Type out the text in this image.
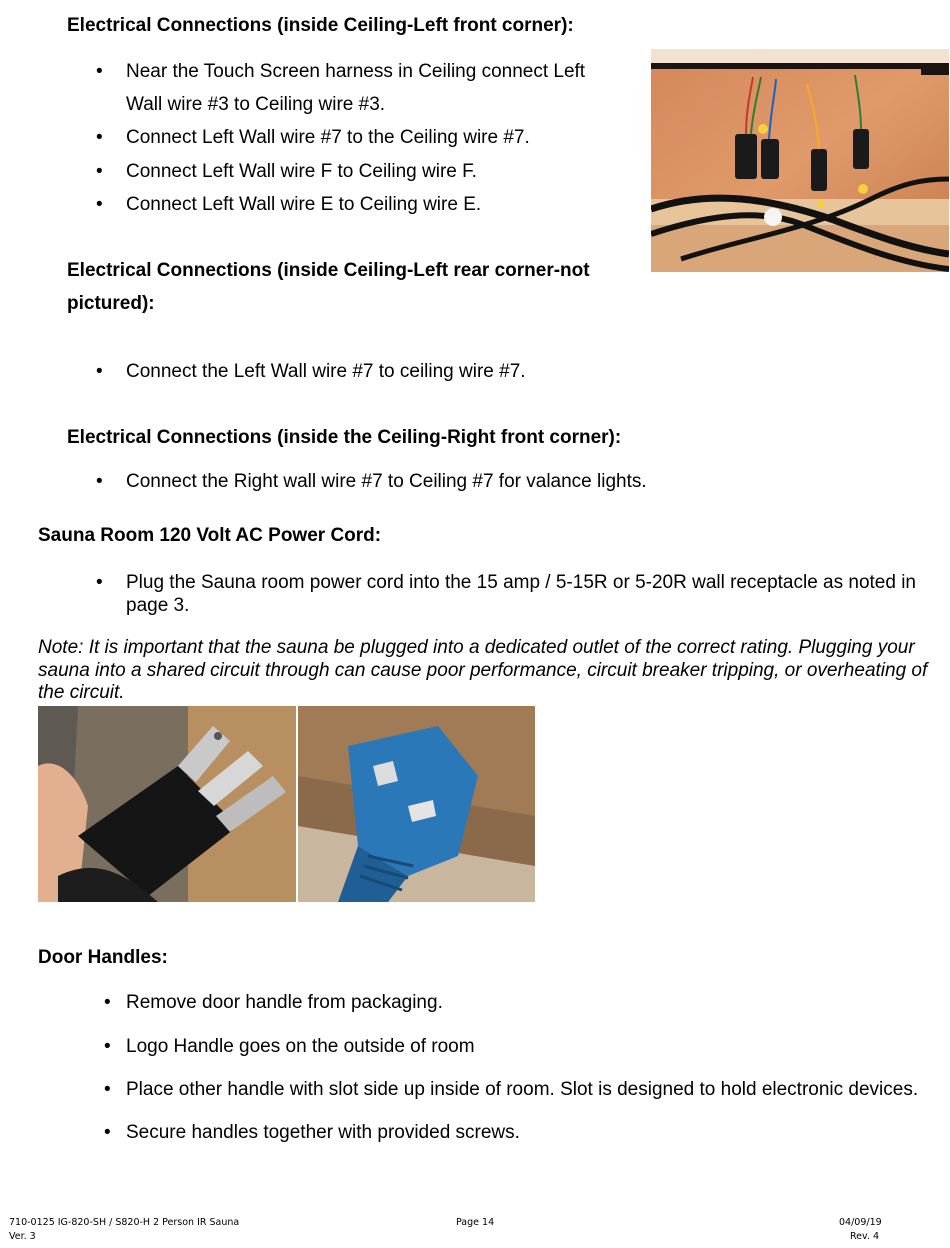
Electrical Connections (inside Ceiling-Left front corner):
• Near the Touch Screen harness in Ceiling connect Left
Wall wire #3 to Ceiling wire #3.
• Connect Left Wall wire #7 to the Ceiling wire #7.
• Connect Left Wall wire F to Ceiling wire F.
• Connect Left Wall wire E to Ceiling wire E.
Electrical Connections (inside Ceiling-Left rear corner-not
pictured):
• Connect the Left Wall wire #7 to ceiling wire #7.
Electrical Connections (inside the Ceiling-Right front corner):
• Connect the Right wall wire #7 to Ceiling #7 for valance lights.
Sauna Room 120 Volt AC Power Cord:
• Plug the Sauna room power cord into the 15 amp / 5-15R or 5-20R wall receptacle as noted in
page 3.
Note: It is important that the sauna be plugged into a dedicated outlet of the correct rating. Plugging your sauna into a shared circuit through can cause poor performance, circuit breaker tripping, or overheating of the circuit.
Door Handles:
• Remove door handle from packaging.
• Logo Handle goes on the outside of room
• Place other handle with slot side up inside of room. Slot is designed to hold electronic devices.
• Secure handles together with provided screws.
710-0125 IG-820-SH / S820-H 2 Person IR Sauna
Ver. 3
Page 14	04/09/19
Rev. 4
